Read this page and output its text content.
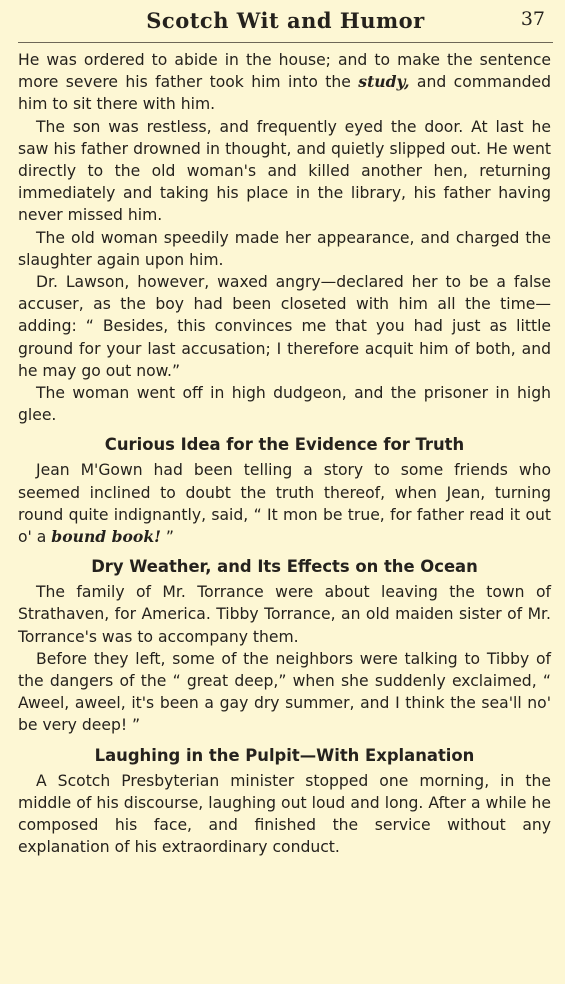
Scotch Wit and Humor	37

He was ordered to abide in the house; and to make the sentence more severe his father took him into the study, and commanded him to sit there with him.

The son was restless, and frequently eyed the door. At last he saw his father drowned in thought, and quietly slipped out. He went directly to the old woman's and killed another hen, returning immediately and taking his place in the library, his father having never missed him.

The old woman speedily made her appearance, and charged the slaughter again upon him.

Dr. Lawson, however, waxed angry—declared her to be a false accuser, as the boy had been closeted with him all the time—adding: “ Besides, this convinces me that you had just as little ground for your last accusation; I therefore acquit him of both, and he may go out now.”

The woman went off in high dudgeon, and the prisoner in high glee.

Curious Idea for the Evidence for Truth

Jean M'Gown had been telling a story to some friends who seemed inclined to doubt the truth thereof, when Jean, turning round quite indignantly, said, “ It mon be true, for father read it out o' a bound book! ”

Dry Weather, and Its Effects on the Ocean

The family of Mr. Torrance were about leaving the town of Strathaven, for America. Tibby Torrance, an old maiden sister of Mr. Torrance's was to accompany them.

Before they left, some of the neighbors were talking to Tibby of the dangers of the “ great deep,” when she suddenly exclaimed, “ Aweel, aweel, it's been a gay dry summer, and I think the sea'll no' be very deep! ”

Laughing in the Pulpit—With Explanation

A Scotch Presbyterian minister stopped one morning, in the middle of his discourse, laughing out loud and long. After a while he composed his face, and finished the service without any explanation of his extraordinary conduct.
